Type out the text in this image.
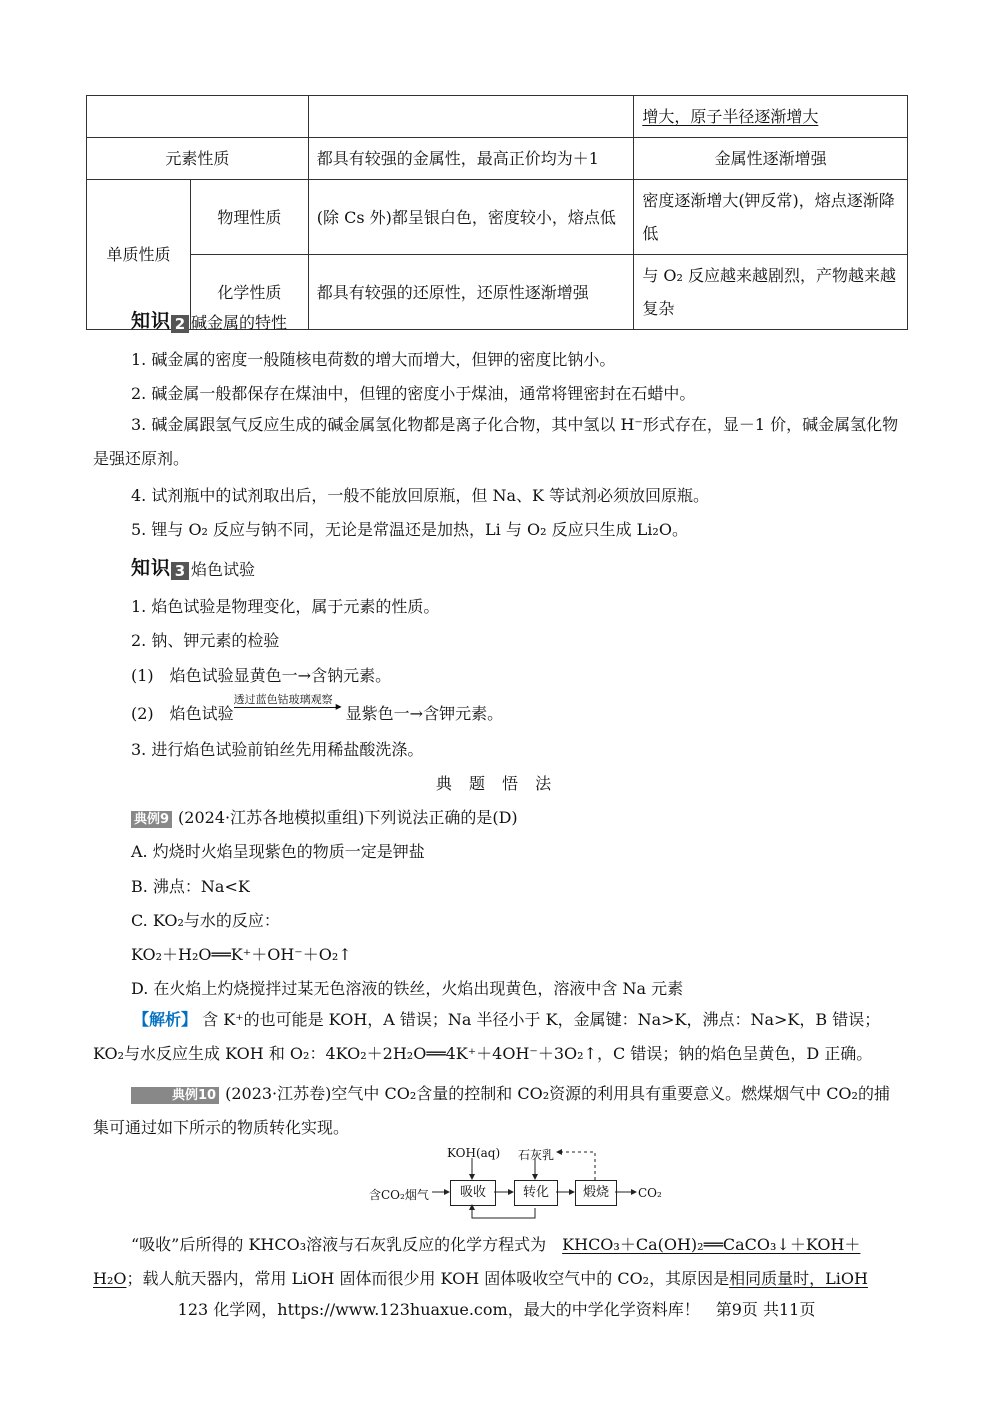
			增大，原子半径逐渐增大
元素性质		都具有较强的金属性，最高正价均为＋1	金属性逐渐增强
单质性质	物理性质	(除 Cs 外)都呈银白色，密度较小，熔点低	密度逐渐增大(钾反常)，熔点逐渐降低
	化学性质	都具有较强的还原性，还原性逐渐增强	与 O₂ 反应越来越剧烈，产物越来越复杂
知识 2 碱金属的特性
1. 碱金属的密度一般随核电荷数的增大而增大，但钾的密度比钠小。
2. 碱金属一般都保存在煤油中，但锂的密度小于煤油，通常将锂密封在石蜡中。
3. 碱金属跟氢气反应生成的碱金属氢化物都是离子化合物，其中氢以 H⁻形式存在，显－1 价，碱金属氢化物是强还原剂。
4. 试剂瓶中的试剂取出后，一般不能放回原瓶，但 Na、K 等试剂必须放回原瓶。
5. 锂与 O₂ 反应与钠不同，无论是常温还是加热，Li 与 O₂ 反应只生成 Li₂O。
知识 3 焰色试验
1. 焰色试验是物理变化，属于元素的性质。
2. 钠、钾元素的检验
(1)　焰色试验显黄色一→含钠元素。
(2)　焰色试验
透过蓝色钴玻璃观察 ▸ 显紫色一→含钾元素。
3. 进行焰色试验前铂丝先用稀盐酸洗涤。
典 题 悟 法
典例9 (2024·江苏各地模拟重组)下列说法正确的是(D)
A. 灼烧时火焰呈现紫色的物质一定是钾盐
B. 沸点：Na<K
C. KO₂与水的反应：
KO₂＋H₂O══K⁺＋OH⁻＋O₂↑
D. 在火焰上灼烧搅拌过某无色溶液的铁丝，火焰出现黄色，溶液中含 Na 元素
【解析】 含 K⁺的也可能是 KOH，A 错误；Na 半径小于 K，金属键：Na>K，沸点：Na>K，B 错误；KO₂与水反应生成 KOH 和 O₂：4KO₂＋2H₂O══4K⁺＋4OH⁻＋3O₂↑，C 错误；钠的焰色呈黄色，D 正确。
典例10 (2023·江苏卷)空气中 CO₂含量的控制和 CO₂资源的利用具有重要意义。燃煤烟气中 CO₂的捕集可通过如下所示的物质转化实现。
KOH(aq) 石灰乳
含CO₂烟气	吸收	转化	煅烧	CO₂
“吸收”后所得的 KHCO₃溶液与石灰乳反应的化学方程式为　 KHCO₃＋Ca(OH)₂══CaCO₃↓＋KOH＋H₂O；载人航天器内，常用 LiOH 固体而很少用 KOH 固体吸收空气中的 CO₂，其原因是相同质量时，LiOH
123 化学网，https://www.123huaxue.com，最大的中学化学资料库！　第9页 共11页
